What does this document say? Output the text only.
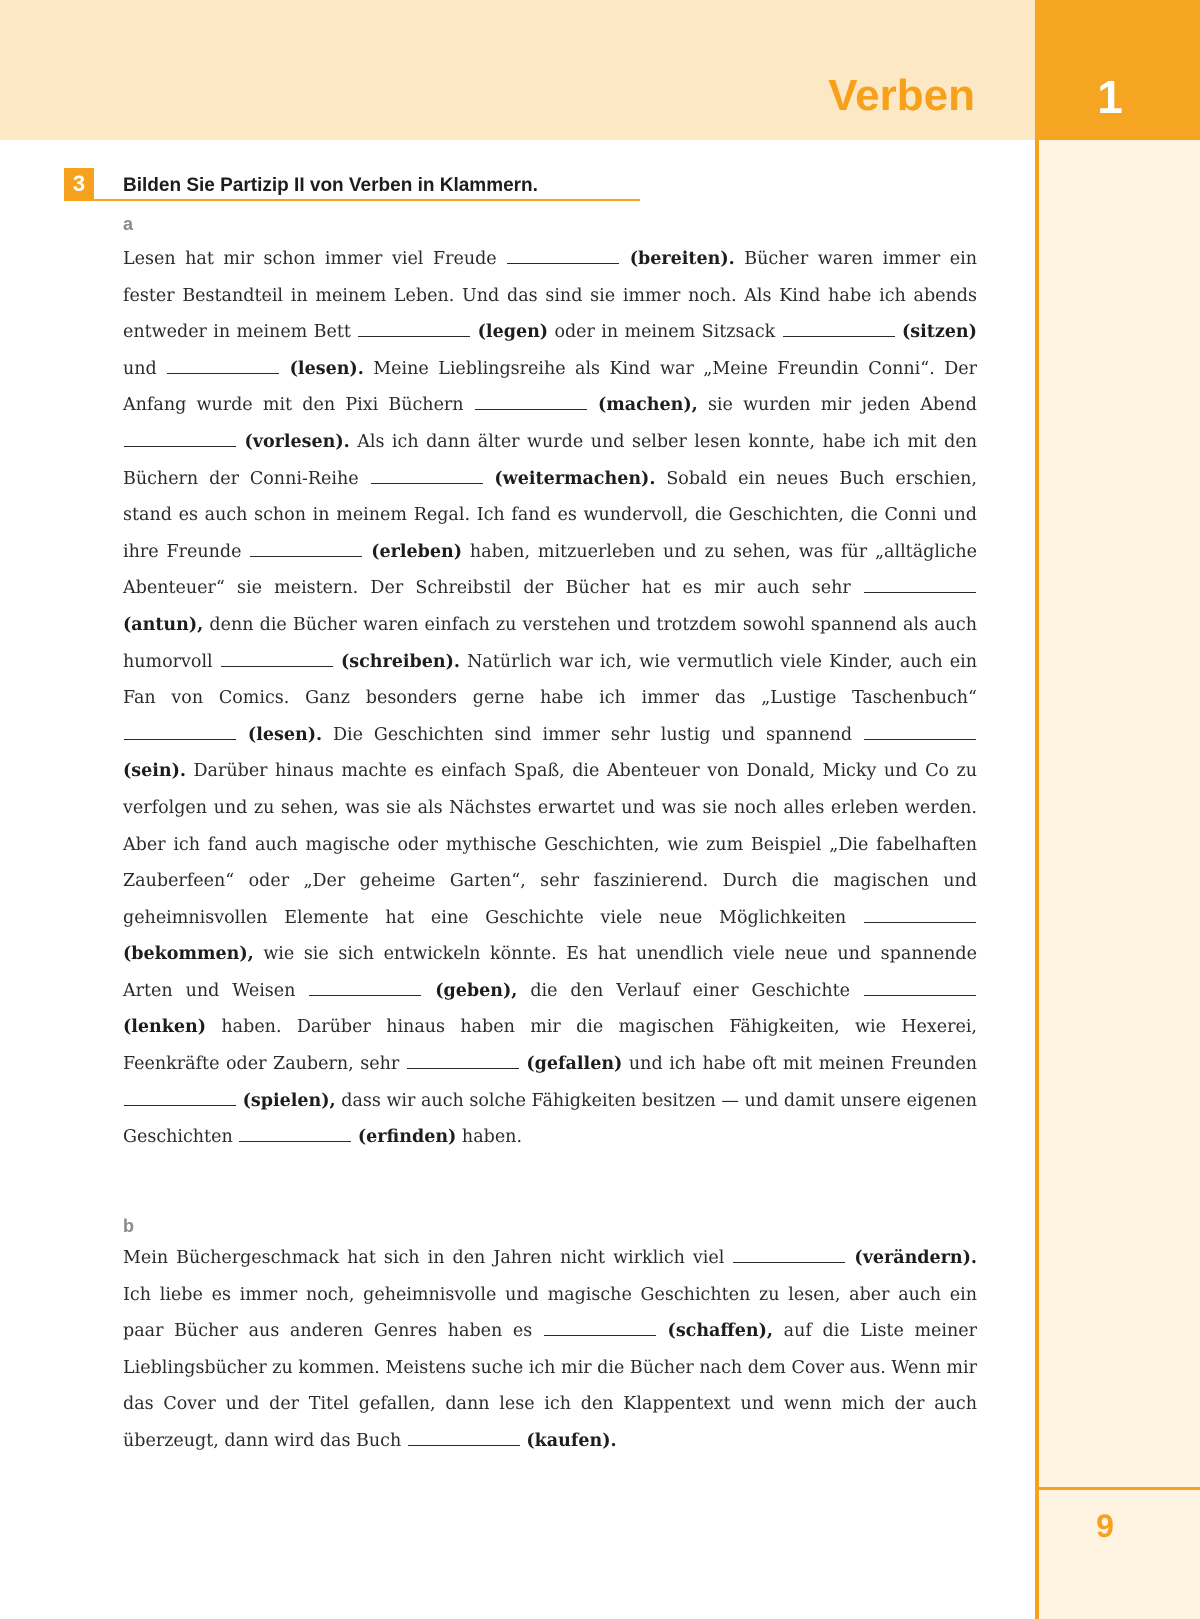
Verben	1
9
3	Bilden Sie Partizip II von Verben in Klammern.
a
Lesen hat mir schon immer viel Freude	(bereiten). Bücher waren immer ein fester Bestandteil in meinem Leben. Und das sind sie immer noch. Als Kind habe ich abends entweder in meinem Bett	(legen) oder in meinem Sitzsack	(sitzen) und	(lesen). Meine Lieblingsreihe als Kind war „Meine Freundin Conni“. Der Anfang wurde mit den Pixi Büchern	(machen), sie wurden mir jeden Abend  (vorlesen). Als ich dann älter wurde und selber lesen konnte, habe ich mit den Büchern der Conni-Reihe	(weitermachen). Sobald ein neues Buch erschien, stand es auch schon in meinem Regal. Ich fand es wundervoll, die Geschichten, die Conni und ihre Freunde	(erleben) haben, mitzuerleben und zu sehen, was für „alltägliche Abenteuer“ sie meistern. Der Schreibstil der Bücher hat es mir auch sehr  (antun), denn die Bücher waren einfach zu verstehen und trotzdem sowohl spannend als auch humorvoll	(schreiben). Natürlich war ich, wie vermutlich viele Kinder, auch ein Fan von Comics. Ganz besonders gerne habe ich immer das „Lustige Taschenbuch“  (lesen). Die Geschichten sind immer sehr lustig und spannend  (sein). Darüber hinaus machte es einfach Spaß, die Abenteuer von Donald, Micky und Co zu verfolgen und zu sehen, was sie als Nächstes erwartet und was sie noch alles erleben werden. Aber ich fand auch magische oder mythische Geschichten, wie zum Beispiel „Die fabelhaften Zauberfeen“ oder „Der geheime Garten“, sehr faszinierend. Durch die magischen und geheimnisvollen Elemente hat eine Geschichte viele neue Möglichkeiten  (bekommen), wie sie sich entwickeln könnte. Es hat unendlich viele neue und spannende Arten und Weisen	(geben), die den Verlauf einer Geschichte  (lenken) haben. Darüber hinaus haben mir die magischen Fähigkeiten, wie Hexerei, Feenkräfte oder Zaubern, sehr	(gefallen) und ich habe oft mit meinen Freunden  (spielen), dass wir auch solche Fähigkeiten besitzen — und damit unsere eigenen Geschichten	(erfinden) haben.
b
Mein Büchergeschmack hat sich in den Jahren nicht wirklich viel	(verändern). Ich liebe es immer noch, geheimnisvolle und magische Geschichten zu lesen, aber auch ein paar Bücher aus anderen Genres haben es	(schaffen), auf die Liste meiner Lieblingsbücher zu kommen. Meistens suche ich mir die Bücher nach dem Cover aus. Wenn mir das Cover und der Titel gefallen, dann lese ich den Klappentext und wenn mich der auch überzeugt, dann wird das Buch	(kaufen).
